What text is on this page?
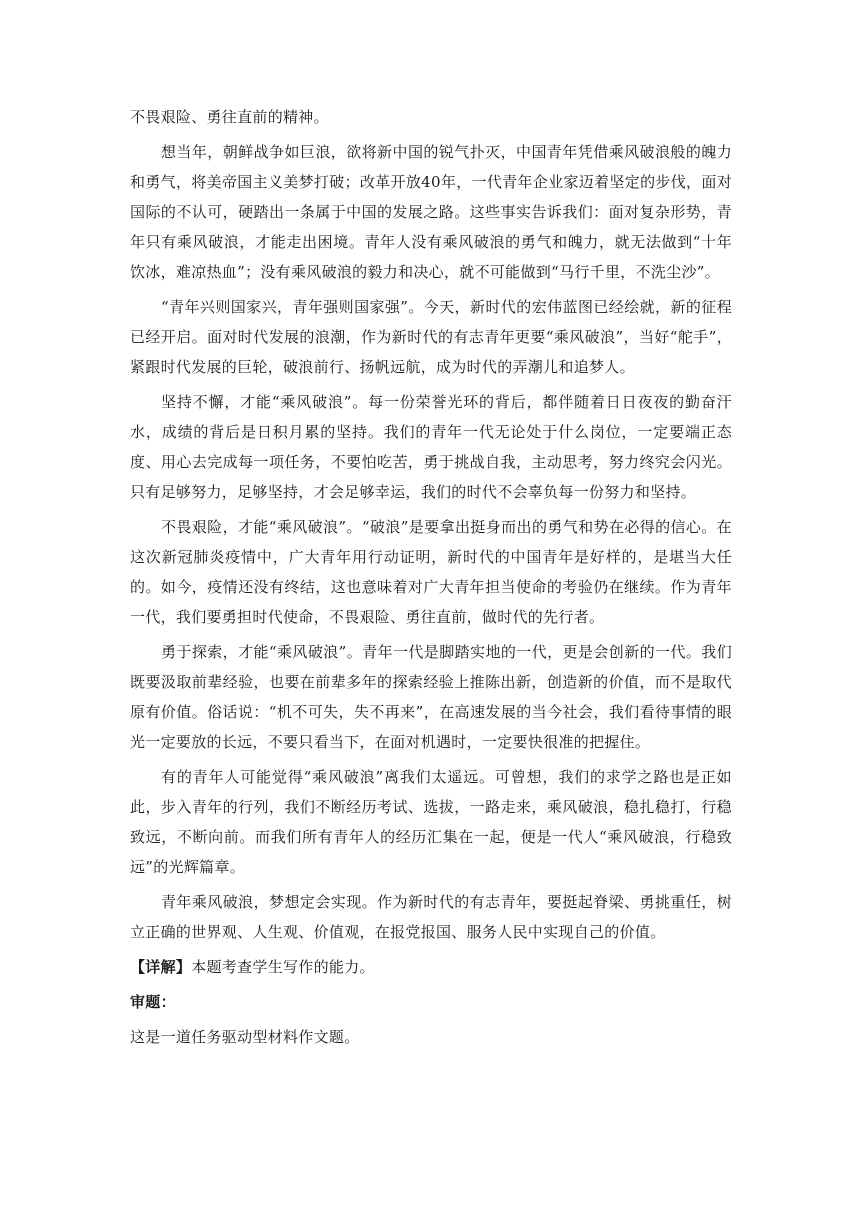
不畏艰险、勇往直前的精神。

想当年，朝鲜战争如巨浪，欲将新中国的锐气扑灭，中国青年凭借乘风破浪般的魄力和勇气，将美帝国主义美梦打破；改革开放40年，一代青年企业家迈着坚定的步伐，面对国际的不认可，硬踏出一条属于中国的发展之路。这些事实告诉我们：面对复杂形势，青年只有乘风破浪，才能走出困境。青年人没有乘风破浪的勇气和魄力，就无法做到“十年饮冰，难凉热血”；没有乘风破浪的毅力和决心，就不可能做到“马行千里，不洗尘沙”。

“青年兴则国家兴，青年强则国家强”。今天，新时代的宏伟蓝图已经绘就，新的征程已经开启。面对时代发展的浪潮，作为新时代的有志青年更要“乘风破浪”，当好“舵手”，紧跟时代发展的巨轮，破浪前行、扬帆远航，成为时代的弄潮儿和追梦人。

坚持不懈，才能“乘风破浪”。每一份荣誉光环的背后，都伴随着日日夜夜的勤奋汗水，成绩的背后是日积月累的坚持。我们的青年一代无论处于什么岗位，一定要端正态度、用心去完成每一项任务，不要怕吃苦，勇于挑战自我，主动思考，努力终究会闪光。只有足够努力，足够坚持，才会足够幸运，我们的时代不会辜负每一份努力和坚持。

不畏艰险，才能“乘风破浪”。“破浪”是要拿出挺身而出的勇气和势在必得的信心。在这次新冠肺炎疫情中，广大青年用行动证明，新时代的中国青年是好样的，是堪当大任的。如今，疫情还没有终结，这也意味着对广大青年担当使命的考验仍在继续。作为青年一代，我们要勇担时代使命，不畏艰险、勇往直前，做时代的先行者。

勇于探索，才能“乘风破浪”。青年一代是脚踏实地的一代，更是会创新的一代。我们既要汲取前辈经验，也要在前辈多年的探索经验上推陈出新，创造新的价值，而不是取代原有价值。俗话说：“机不可失，失不再来”，在高速发展的当今社会，我们看待事情的眼光一定要放的长远，不要只看当下，在面对机遇时，一定要快很准的把握住。

有的青年人可能觉得“乘风破浪”离我们太遥远。可曾想，我们的求学之路也是正如此，步入青年的行列，我们不断经历考试、选拔，一路走来，乘风破浪，稳扎稳打，行稳致远，不断向前。而我们所有青年人的经历汇集在一起，便是一代人“乘风破浪，行稳致远”的光辉篇章。

青年乘风破浪，梦想定会实现。作为新时代的有志青年，要挺起脊梁、勇挑重任，树立正确的世界观、人生观、价值观，在报党报国、服务人民中实现自己的价值。

【详解】本题考查学生写作的能力。

审题：

这是一道任务驱动型材料作文题。
